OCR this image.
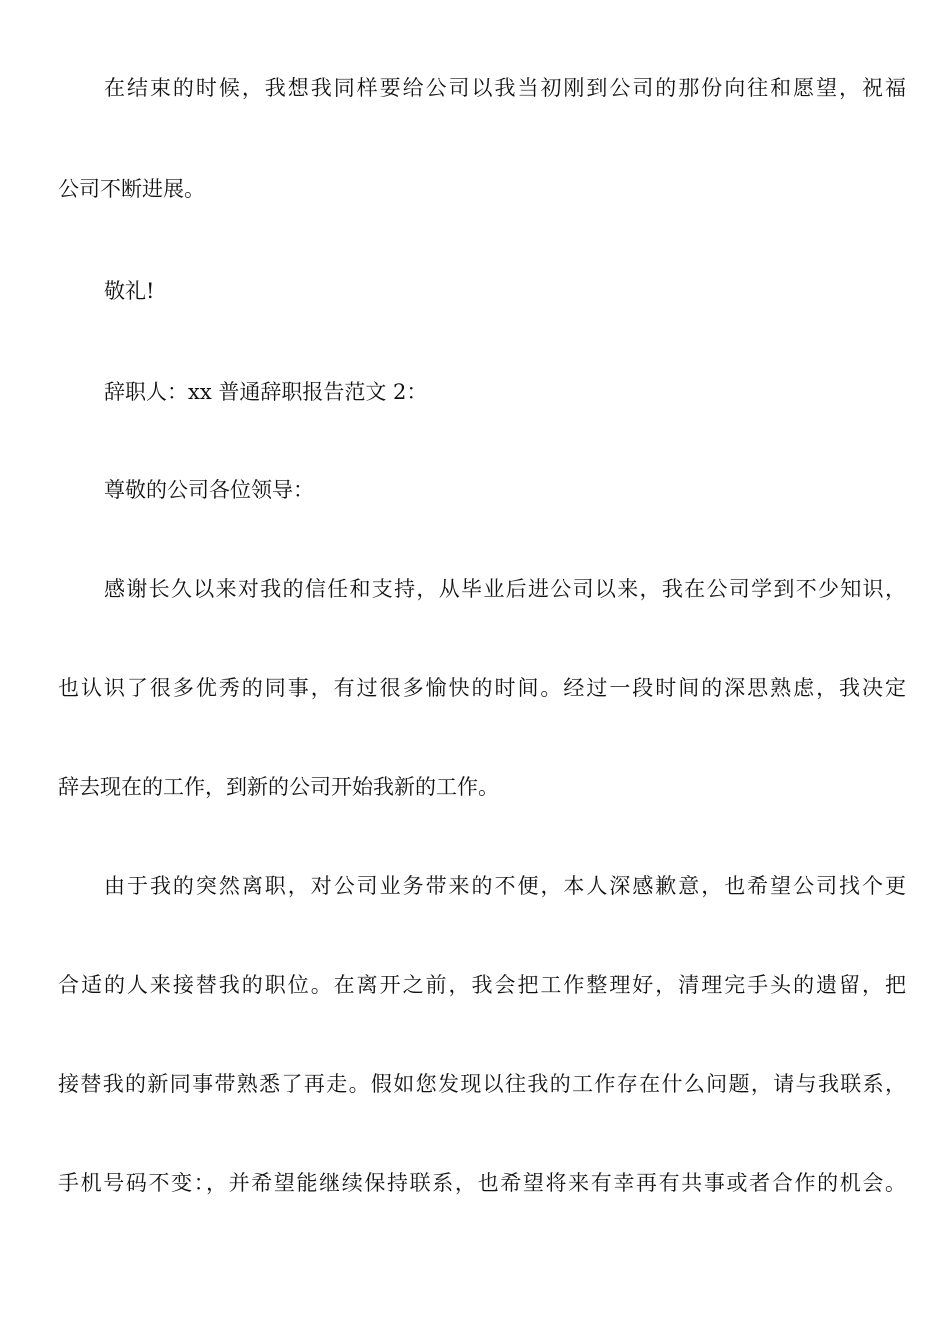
在结束的时候，我想我同样要给公司以我当初刚到公司的那份向往和愿望，祝福
公司不断进展。
敬礼!
辞职人：xx 普通辞职报告范文 2：
尊敬的公司各位领导：
感谢长久以来对我的信任和支持，从毕业后进公司以来，我在公司学到不少知识，
也认识了很多优秀的同事，有过很多愉快的时间。经过一段时间的深思熟虑，我决定
辞去现在的工作，到新的公司开始我新的工作。
由于我的突然离职，对公司业务带来的不便，本人深感歉意，也希望公司找个更
合适的人来接替我的职位。在离开之前，我会把工作整理好，清理完手头的遗留，把
接替我的新同事带熟悉了再走。假如您发现以往我的工作存在什么问题，请与我联系，
手机号码不变：，并希望能继续保持联系，也希望将来有幸再有共事或者合作的机会。
